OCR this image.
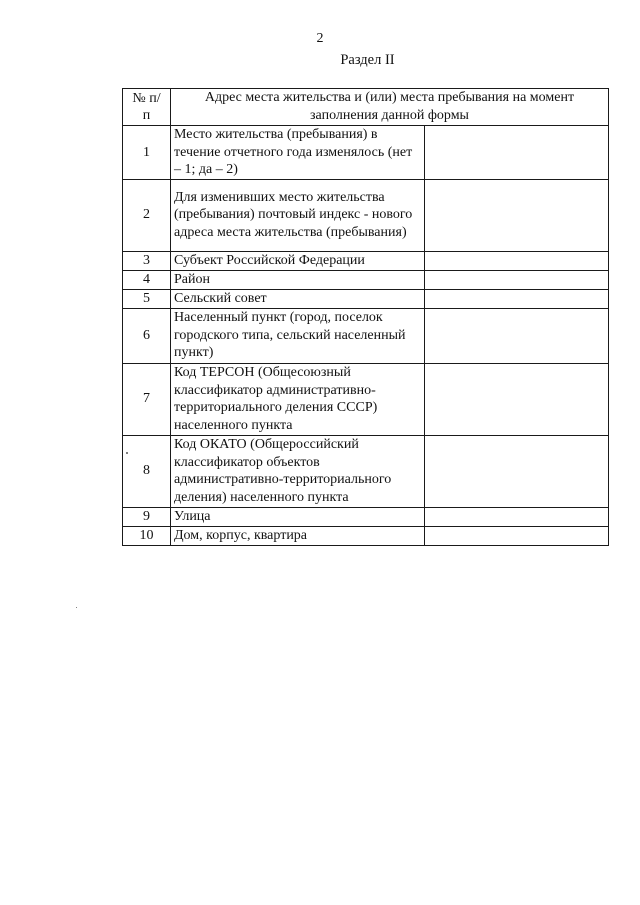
2
Раздел II
№ п/п	Адрес места жительства и (или) места пребывания на момент заполнения данной формы	
1	Место жительства (пребывания) в течение отчетного года изменялось (нет – 1; да – 2)	
2	Для изменивших место жительства (пребывания) почтовый индекс - нового адреса места жительства (пребывания)	
3	Субъект Российской Федерации	
4	Район	
5	Сельский совет	
6	Населенный пункт (город, поселок городского типа, сельский населенный пункт)	
7	Код ТЕРСОН (Общесоюзный классификатор административно-территориального деления СССР) населенного пункта	
8	Код ОКАТО (Общероссийский классификатор объектов административно-территориального деления) населенного пункта	
9	Улица	
10	Дом, корпус, квартира	
